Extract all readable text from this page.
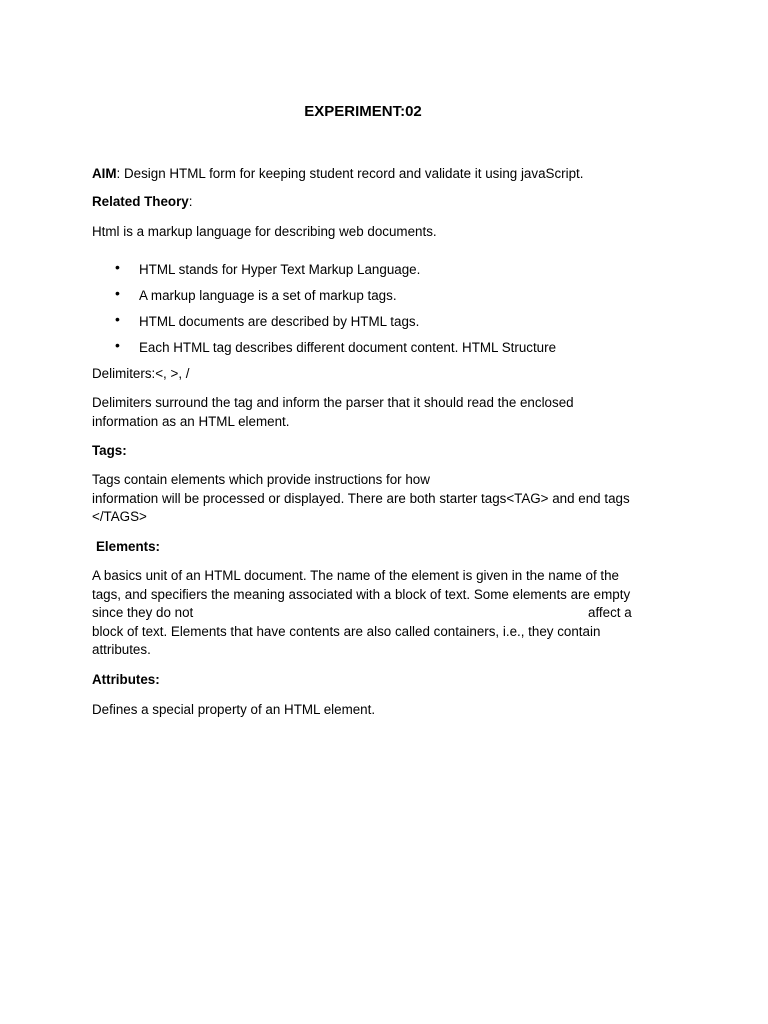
EXPERIMENT:02
AIM: Design HTML form for keeping student record and validate it using javaScript.
Related Theory:
Html is a markup language for describing web documents.
• HTML stands for Hyper Text Markup Language.
• A markup language is a set of markup tags.
• HTML documents are described by HTML tags.
• Each HTML tag describes different document content. HTML Structure
Delimiters:<, >, /
Delimiters surround the tag and inform the parser that it should read the enclosed
information as an HTML element.
Tags:
Tags contain elements which provide instructions for how
information will be processed or displayed. There are both starter tags<TAG> and end tags
</TAGS>
Elements:
A basics unit of an HTML document. The name of the element is given in the name of the
tags, and specifiers the meaning associated with a block of text. Some elements are empty
since they do not	affect a
block of text. Elements that have contents are also called containers, i.e., they contain
attributes.
Attributes:
Defines a special property of an HTML element.
